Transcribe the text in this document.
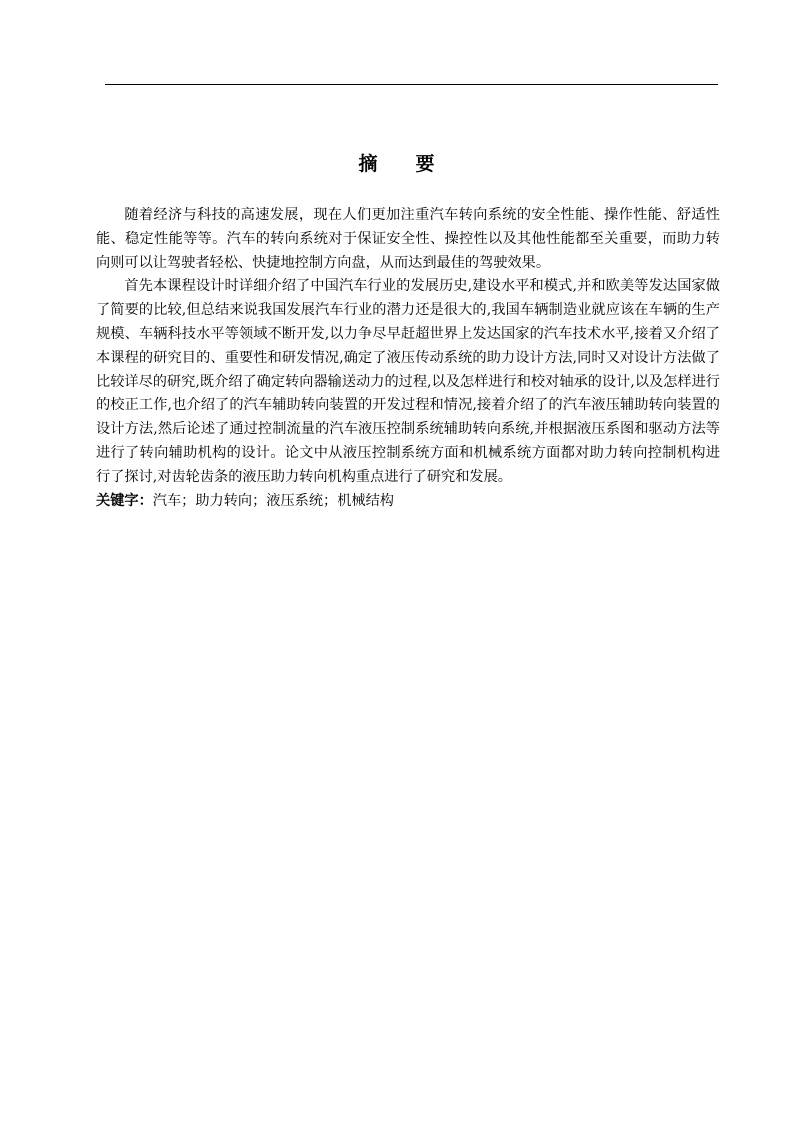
摘 要

随着经济与科技的高速发展，现在人们更加注重汽车转向系统的安全性能、操作性能、舒适性能、稳定性能等等。汽车的转向系统对于保证安全性、操控性以及其他性能都至关重要，而助力转向则可以让驾驶者轻松、快捷地控制方向盘，从而达到最佳的驾驶效果。

首先本课程设计时详细介绍了中国汽车行业的发展历史,建设水平和模式,并和欧美等发达国家做了简要的比较,但总结来说我国发展汽车行业的潜力还是很大的,我国车辆制造业就应该在车辆的生产规模、车辆科技水平等领域不断开发,以力争尽早赶超世界上发达国家的汽车技术水平,接着又介绍了本课程的研究目的、重要性和研发情况,确定了液压传动系统的助力设计方法,同时又对设计方法做了比较详尽的研究,既介绍了确定转向器输送动力的过程,以及怎样进行和校对轴承的设计,以及怎样进行的校正工作,也介绍了的汽车辅助转向装置的开发过程和情况,接着介绍了的汽车液压辅助转向装置的设计方法,然后论述了通过控制流量的汽车液压控制系统辅助转向系统,并根据液压系图和驱动方法等进行了转向辅助机构的设计。论文中从液压控制系统方面和机械系统方面都对助力转向控制机构进行了探讨,对齿轮齿条的液压助力转向机构重点进行了研究和发展。

关键字：汽车；助力转向；液压系统；机械结构
